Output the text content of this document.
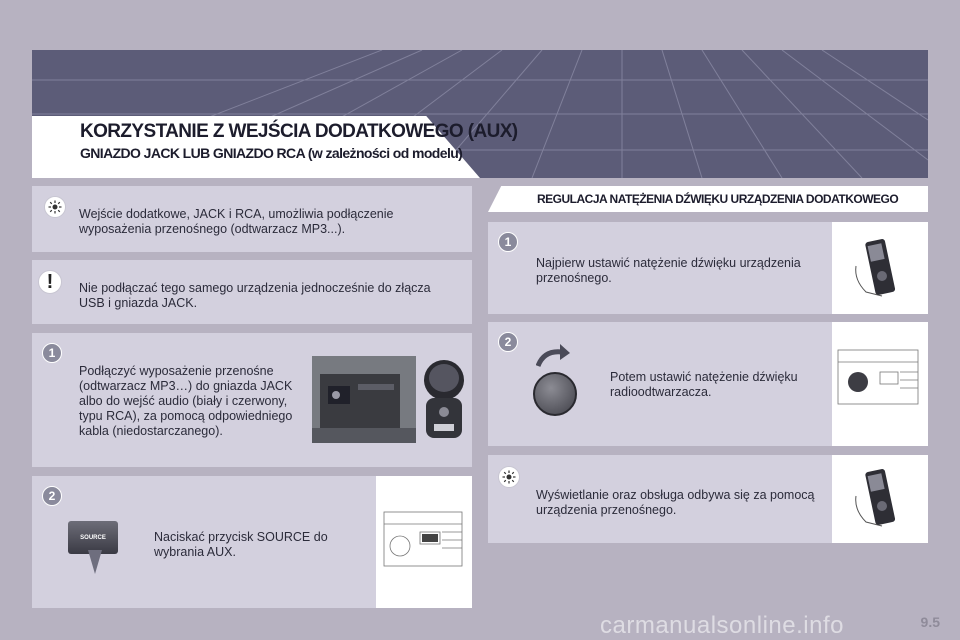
KORZYSTANIE Z WEJŚCIA DODATKOWEGO (AUX)
GNIAZDO JACK LUB GNIAZDO RCA (w zależności od modelu)
Wejście dodatkowe, JACK i RCA, umożliwia podłączenie wyposażenia przenośnego (odtwarzacz MP3...).
!	Nie podłączać tego samego urządzenia jednocześnie do złącza USB i gniazda JACK.
1
Podłączyć wyposażenie przenośne (odtwarzacz MP3…) do gniazda JACK albo do wejść audio (biały i czerwony, typu RCA), za pomocą odpowiedniego kabla (niedostarczanego).
2
SOURCE	Naciskać przycisk SOURCE do wybrania AUX.
REGULACJA NATĘŻENIA DŹWIĘKU URZĄDZENIA DODATKOWEGO
1
Najpierw ustawić natężenie dźwięku urządzenia przenośnego.
2
Potem ustawić natężenie dźwięku radioodtwarzacza.
Wyświetlanie oraz obsługa odbywa się za pomocą urządzenia przenośnego.
9.5
carmanualsonline.info
